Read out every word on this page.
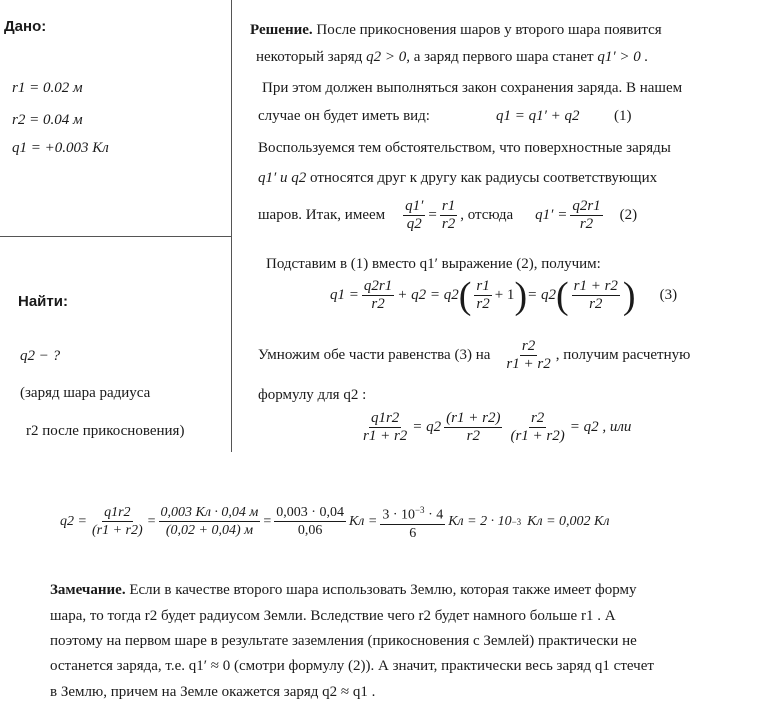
Дано:
r1 = 0.02 м
r2 = 0.04 м
q1 = +0.003 Кл
Найти:
q2 − ?
(заряд шара радиуса
r2 после прикосновения)
Решение. После прикосновения шаров у второго шара появится
некоторый заряд q2 > 0, а заряд первого шара станет q1′ > 0 .
При этом должен выполняться закон сохранения заряда. В нашем
случае он будет иметь вид:	q1 = q1′ + q2 (1)
Воспользуемся тем обстоятельством, что поверхностные заряды
q1′ и q2 относятся друг к другу как радиусы соответствующих
шаров. Итак, имеем $\frac{q1'}{q2} = \frac{r1}{r2}$ , отсюда $q1' = \frac{q2r1}{r2} (2)$
Подставим в (1) вместо q1′ выражение (2), получим:
$q1 = \frac{q2r1}{r2} + q2 = q2$ ( $\frac{r1}{r2} + 1$ ) = q2 ( $\frac{r1 + r2}{r2}$ ) (3)
Умножим обе части равенства (3) на $\frac{r2}{r1 + r2}$ , получим расчетную
формулу для q2 :
$\frac{q1r2}{r1 + r2} = q2 \frac{(r1 + r2)}{r2} \frac{r2}{(r1 + r2)} = q2$ , или
$q2 = \frac{q1r2}{(r1 + r2)} = \frac{0,003 Кл \cdot 0,04 м}{(0,02 + 0,04) м} = \frac{0,003 \cdot 0,04}{0,06}$ Кл = $\frac{3 \cdot 10^{-3} \cdot 4}{6}$ Кл = 2 · 10 −3 Кл = 0,002 Кл
Замечание. Если в качестве второго шара использовать Землю, которая также имеет форму
шара, то тогда r2 будет радиусом Земли. Вследствие чего r2 будет намного больше r1 . А
поэтому на первом шаре в результате заземления (прикосновения с Землей) практически не
останется заряда, т.е. q1′ ≈ 0 (смотри формулу (2)). А значит, практически весь заряд q1 стечет
в Землю, причем на Земле окажется заряд q2 ≈ q1 .
